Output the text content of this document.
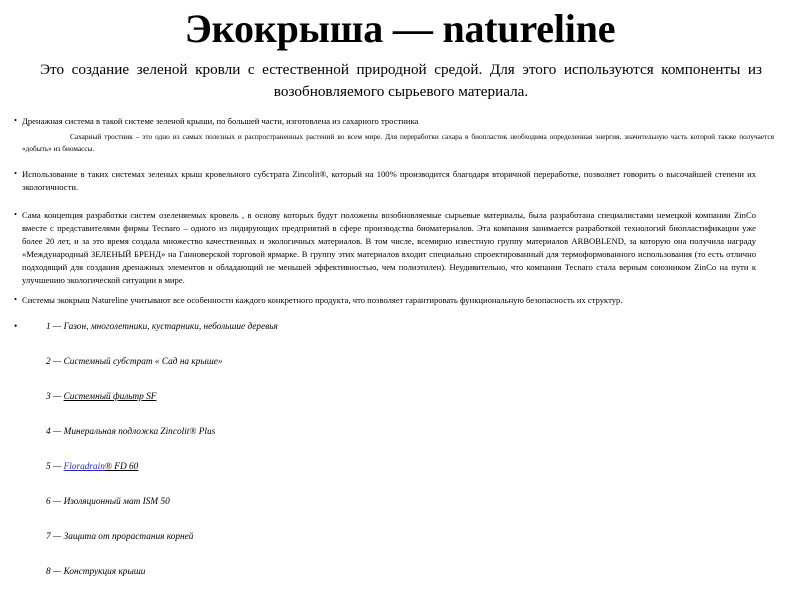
Экокрыша — natureline

Это создание зеленой кровли с естественной природной средой. Для этого используются компоненты из возобновляемого сырьевого материала.

• Дренажная система в такой системе зеленой крыши, по большей части, изготовлена из сахарного тростника

Сахарный тростник – это одно из самых полезных и распространенных растений во всем мире. Для переработки сахара в биопластик необходима определенная энергия, значительную часть которой также получается «добыть» из биомассы.

• Использование в таких системах зеленых крыш кровельного субстрата Zincolit®, который на 100% производится благодаря вторичной переработке, позволяет говорить о высочайшей степени их экологичности.

• Сама концепция разработки систем озеленяемых кровель , в основу которых будут положены возобновляемые сырьевые материалы, была разработана специалистами немецкой компании ZinCo вместе с представителями фирмы Тесnаrо – одного из лидирующих предприятий в сфере производства биоматериалов. Эта компания занимается разработкой технологий биопластификации уже более 20 лет, и за это время создала множество качественных и экологичных материалов. В том числе, всемирно известную группу материалов ARBOBLEND, за которую она получила награду «Международный ЗЕЛЕНЫЙ БРЕНД» на Ганноверской торговой ярмарке. В группу этих материалов входит специально спроектированный для термоформованного использования (то есть отлично подходящий для создания дренажных элементов и обладающий не меньшей эффективностью, чем полиэтилен). Неудивительно, что компания Тесnаrо стала верным союзником ZinCo на пути к улучшению экологической ситуации в мире.

• Системы экокрыш Natureline учитывают все особенности каждого конкретного продукта, что позволяет гарантировать функциональную безопасность их структур.

• 1 — Газон, многолетники, кустарники, небольшие деревья

2 — Системный субстрат « Сад на крыше»

3 — Системный фильтр SF

4 — Минеральная подложка Zincolit® Plus

5 — Floradrain® FD 60

6 — Изоляционный мат ISM 50

7 — Защита от прорастания корней

8 — Конструкция крыши
